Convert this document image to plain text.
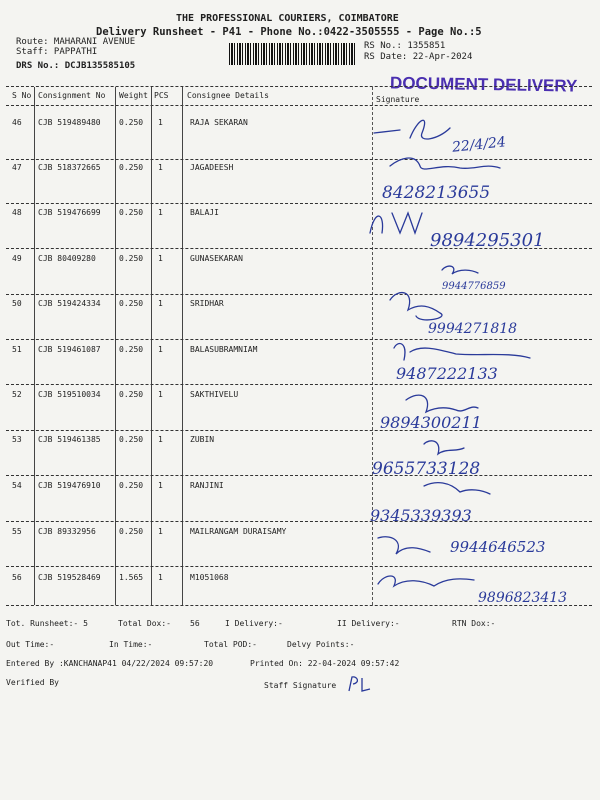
THE PROFESSIONAL COURIERS, COIMBATORE
Delivery Runsheet - P41 - Phone No.:0422-3505555 - Page No.:5
Route: MAHARANI AVENUE
Staff: PAPPATHI
DRS No.: DCJB135585105
RS No.: 1355851
RS Date: 22-Apr-2024
DOCUMENT DELIVERY
S No Consignment No Weight PCS Consignee Details	Signature
46 CJB 519489480 0.250 1	RAJA SEKARAN
22/4/24
47 CJB 518372665 0.250 1	JAGADEESH
8428213655
48 CJB 519476699 0.250 1	BALAJI
9894295301
49 CJB 80409280	0.250 1	GUNASEKARAN
9944776859
50 CJB 519424334 0.250 1	SRIDHAR
9994271818
51 CJB 519461087 0.250 1	BALASUBRAMNIAM
9487222133
52 CJB 519510034 0.250 1	SAKTHIVELU
9894300211
53 CJB 519461385 0.250 1	ZUBIN
9655733128
54 CJB 519476910 0.250 1	RANJINI
9345339393
55 CJB 89332956	0.250 1	MAILRANGAM DURAISAMY
9944646523
56 CJB 519528469 1.565 1	M1051068
9896823413
Tot. Runsheet:- 5	Total Dox:- 56	I Delivery:-	II Delivery:-	RTN Dox:-
Out Time:-	In Time:-	Total POD:-	Delvy Points:-
Entered By :KANCHANAP41 04/22/2024 09:57:20	Printed On: 22-04-2024 09:57:42
Verified By	Staff Signature
